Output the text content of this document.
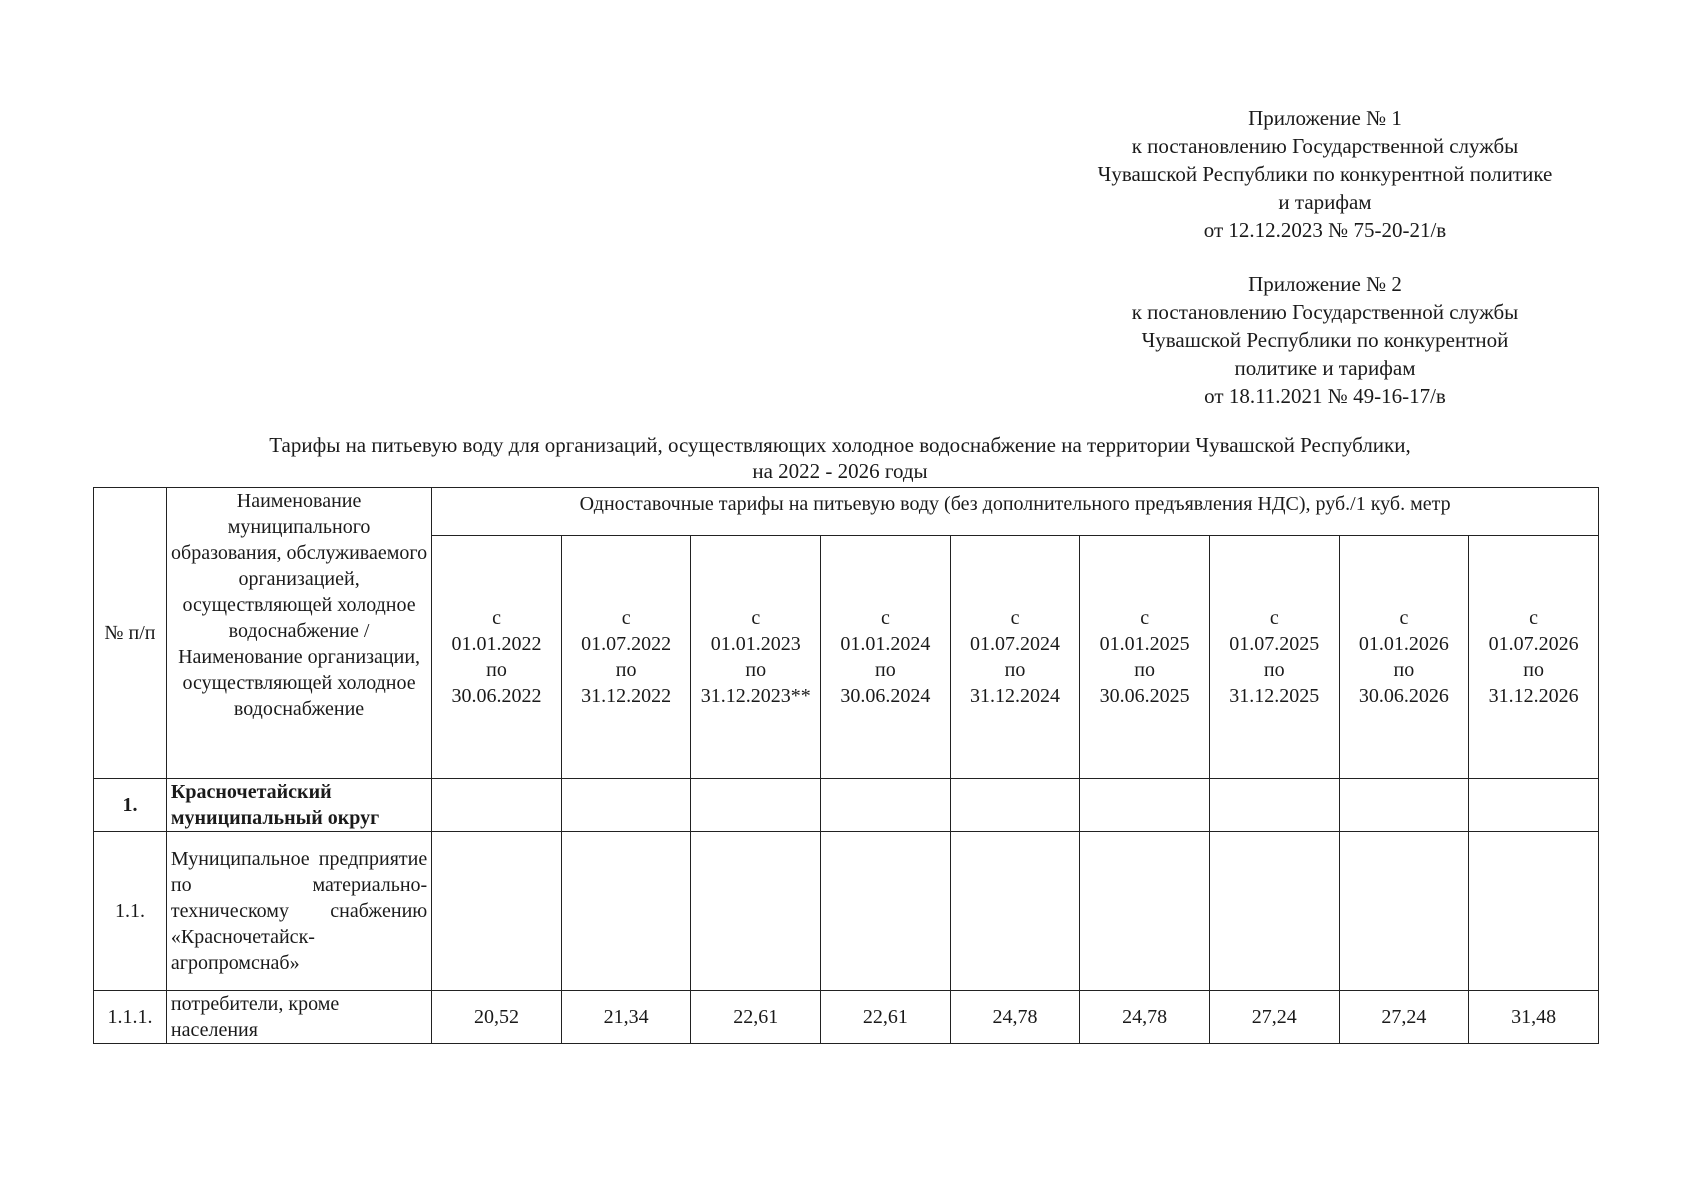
Приложение № 1
к постановлению Государственной службы
Чувашской Республики по конкурентной политике
и тарифам
от 12.12.2023 № 75-20-21/в
Приложение № 2
к постановлению Государственной службы
Чувашской Республики по конкурентной
политике и тарифам
от 18.11.2021 № 49-16-17/в
Тарифы на питьевую воду для организаций, осуществляющих холодное водоснабжение на территории Чувашской Республики,
на 2022 - 2026 годы
№ п/п	Наименование муниципального образования, обслуживаемого организацией, осуществляющей холодное водоснабжение / Наименование организации, осуществляющей холодное водоснабжение	Одноставочные тарифы на питьевую воду (без дополнительного предъявления НДС), руб./1 куб. метр								

		с
01.01.2022
по
30.06.2022	с
01.07.2022
по
31.12.2022	с
01.01.2023
по
31.12.2023**	с
01.01.2024
по
30.06.2024	с
01.07.2024
по
31.12.2024	с
01.01.2025
по
30.06.2025	с
01.07.2025
по
31.12.2025	с
01.01.2026
по
30.06.2026	с
01.07.2026
по
31.12.2026

1.	Красночетайский муниципальный округ									
1.1.	Муниципальное предприятие по материально-техническому снабжению «Красночетайск-агропромснаб»									
1.1.1.	потребители, кроме населения	20,52	21,34	22,61	22,61	24,78	24,78	27,24	27,24	31,48
